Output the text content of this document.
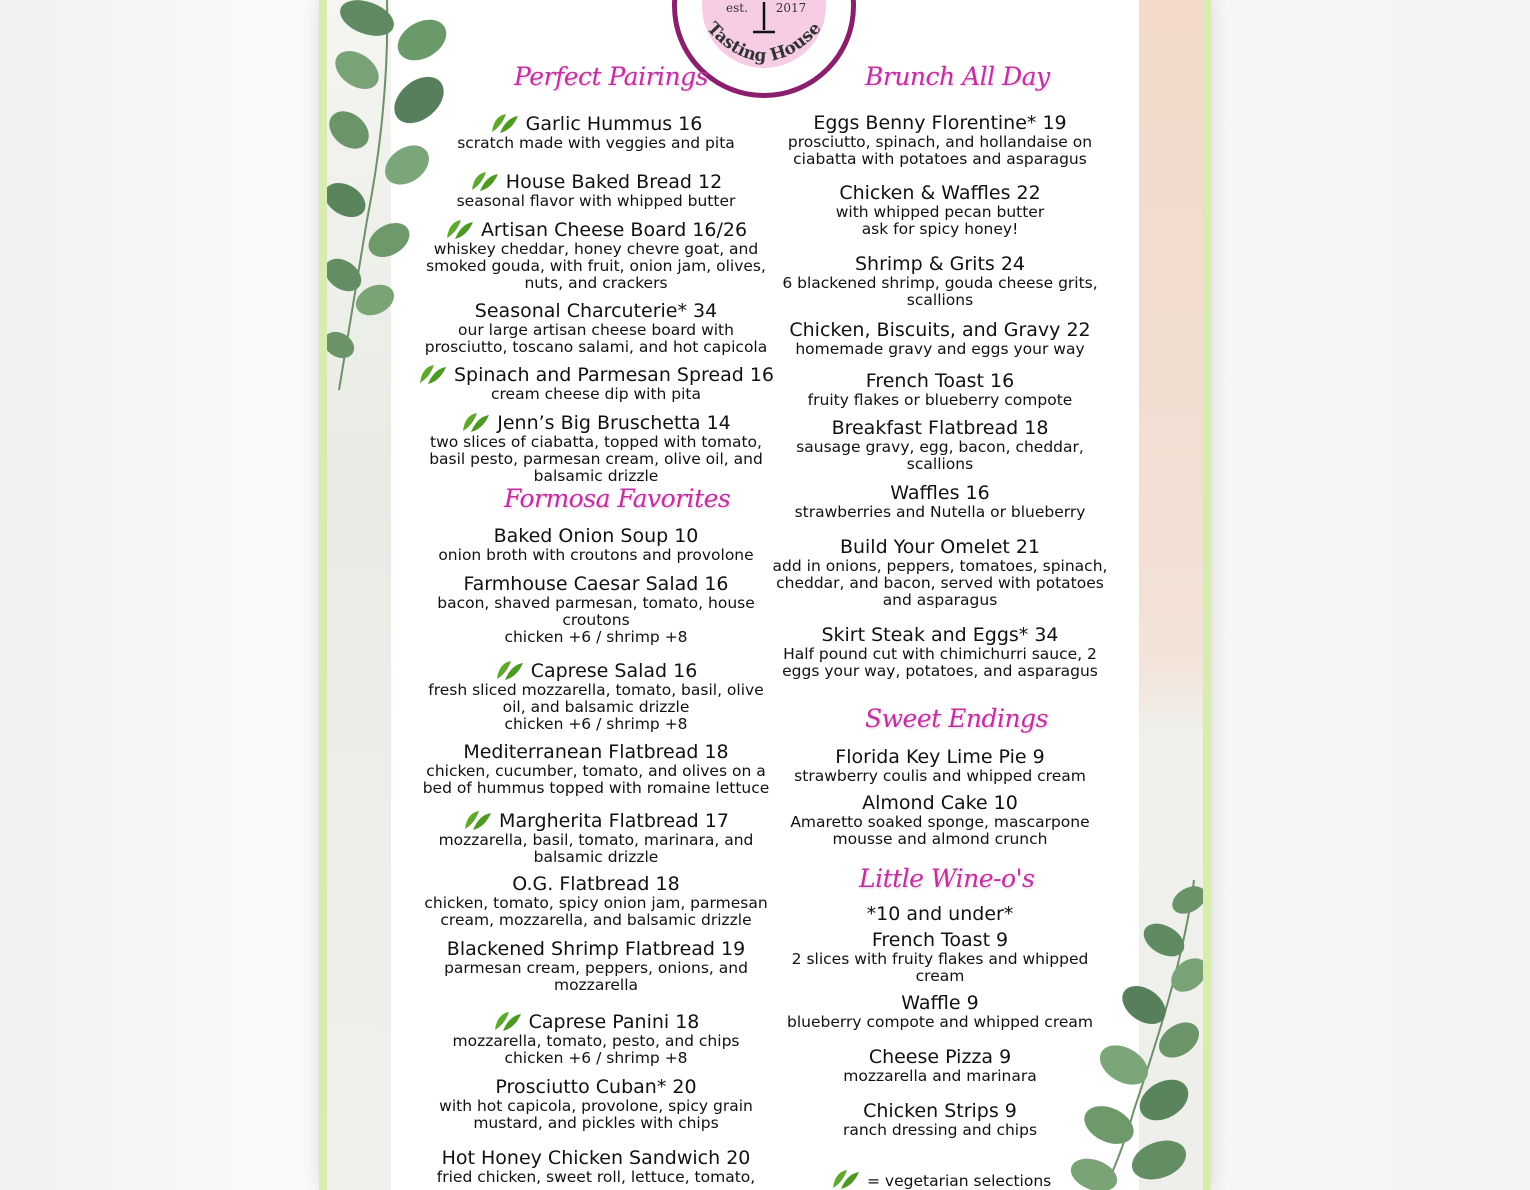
est. 2017
Tasting House
Perfect Pairings	Brunch All Day
Formosa Favorites
Sweet Endings
Little Wine-o's
Garlic Hummus 16
scratch made with veggies and pita
House Baked Bread 12
seasonal flavor with whipped butter
Artisan Cheese Board 16/26
whiskey cheddar, honey chevre goat, and
smoked gouda, with fruit, onion jam, olives,
nuts, and crackers
Seasonal Charcuterie* 34
our large artisan cheese board with
prosciutto, toscano salami, and hot capicola
Spinach and Parmesan Spread 16
cream cheese dip with pita
Jenn’s Big Bruschetta 14
two slices of ciabatta, topped with tomato,
basil pesto, parmesan cream, olive oil, and
balsamic drizzle
Baked Onion Soup 10
onion broth with croutons and provolone
Farmhouse Caesar Salad 16
bacon, shaved parmesan, tomato, house
croutons
chicken +6 / shrimp +8
Caprese Salad 16
fresh sliced mozzarella, tomato, basil, olive
oil, and balsamic drizzle
chicken +6 / shrimp +8
Mediterranean Flatbread 18
chicken, cucumber, tomato, and olives on a
bed of hummus topped with romaine lettuce
Margherita Flatbread 17
mozzarella, basil, tomato, marinara, and
balsamic drizzle
O.G. Flatbread 18
chicken, tomato, spicy onion jam, parmesan
cream, mozzarella, and balsamic drizzle
Blackened Shrimp Flatbread 19
parmesan cream, peppers, onions, and
mozzarella
Caprese Panini 18
mozzarella, tomato, pesto, and chips
chicken +6 / shrimp +8
Prosciutto Cuban* 20
with hot capicola, provolone, spicy grain
mustard, and pickles with chips
Hot Honey Chicken Sandwich 20
fried chicken, sweet roll, lettuce, tomato,
Eggs Benny Florentine* 19
prosciutto, spinach, and hollandaise on
ciabatta with potatoes and asparagus
Chicken & Waffles 22
with whipped pecan butter
ask for spicy honey!
Shrimp & Grits 24
6 blackened shrimp, gouda cheese grits,
scallions
Chicken, Biscuits, and Gravy 22
homemade gravy and eggs your way
French Toast 16
fruity flakes or blueberry compote
Breakfast Flatbread 18
sausage gravy, egg, bacon, cheddar,
scallions
Waffles 16
strawberries and Nutella or blueberry
Build Your Omelet 21
add in onions, peppers, tomatoes, spinach,
cheddar, and bacon, served with potatoes
and asparagus
Skirt Steak and Eggs* 34
Half pound cut with chimichurri sauce, 2
eggs your way, potatoes, and asparagus
Florida Key Lime Pie 9
strawberry coulis and whipped cream
Almond Cake 10
Amaretto soaked sponge, mascarpone
mousse and almond crunch
*10 and under*
French Toast 9
2 slices with fruity flakes and whipped
cream
Waffle 9
blueberry compote and whipped cream
Cheese Pizza 9
mozzarella and marinara
Chicken Strips 9
ranch dressing and chips
= vegetarian selections
